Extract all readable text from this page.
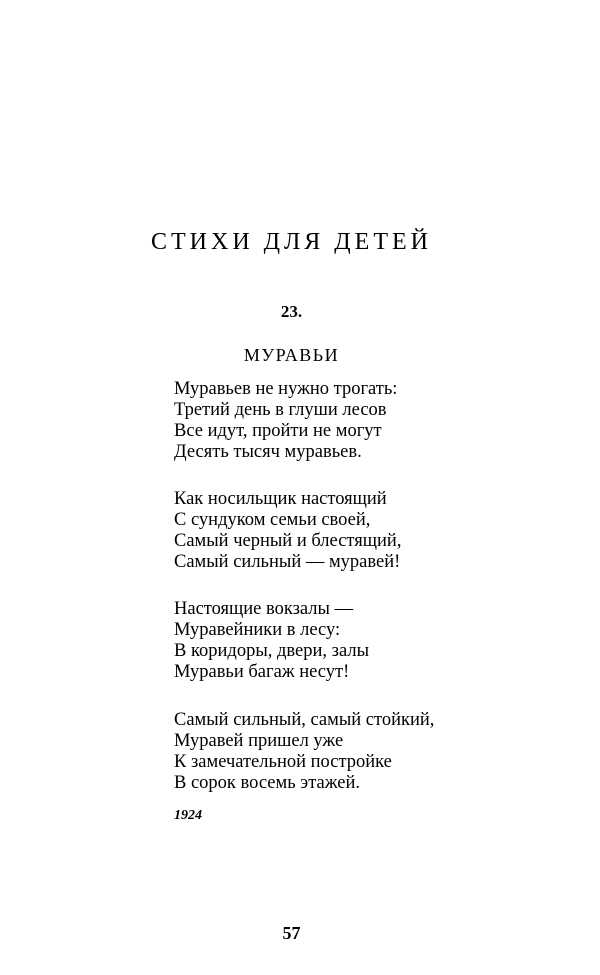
СТИХИ ДЛЯ ДЕТЕЙ
23.
МУРАВЬИ
Муравьев не нужно трогать:
Третий день в глуши лесов
Все идут, пройти не могут
Десять тысяч муравьев.
Как носильщик настоящий
С сундуком семьи своей,
Самый черный и блестящий,
Самый сильный — муравей!
Настоящие вокзалы —
Муравейники в лесу:
В коридоры, двери, залы
Муравьи багаж несут!
Самый сильный, самый стойкий,
Муравей пришел уже
К замечательной постройке
В сорок восемь этажей.
1924
57
